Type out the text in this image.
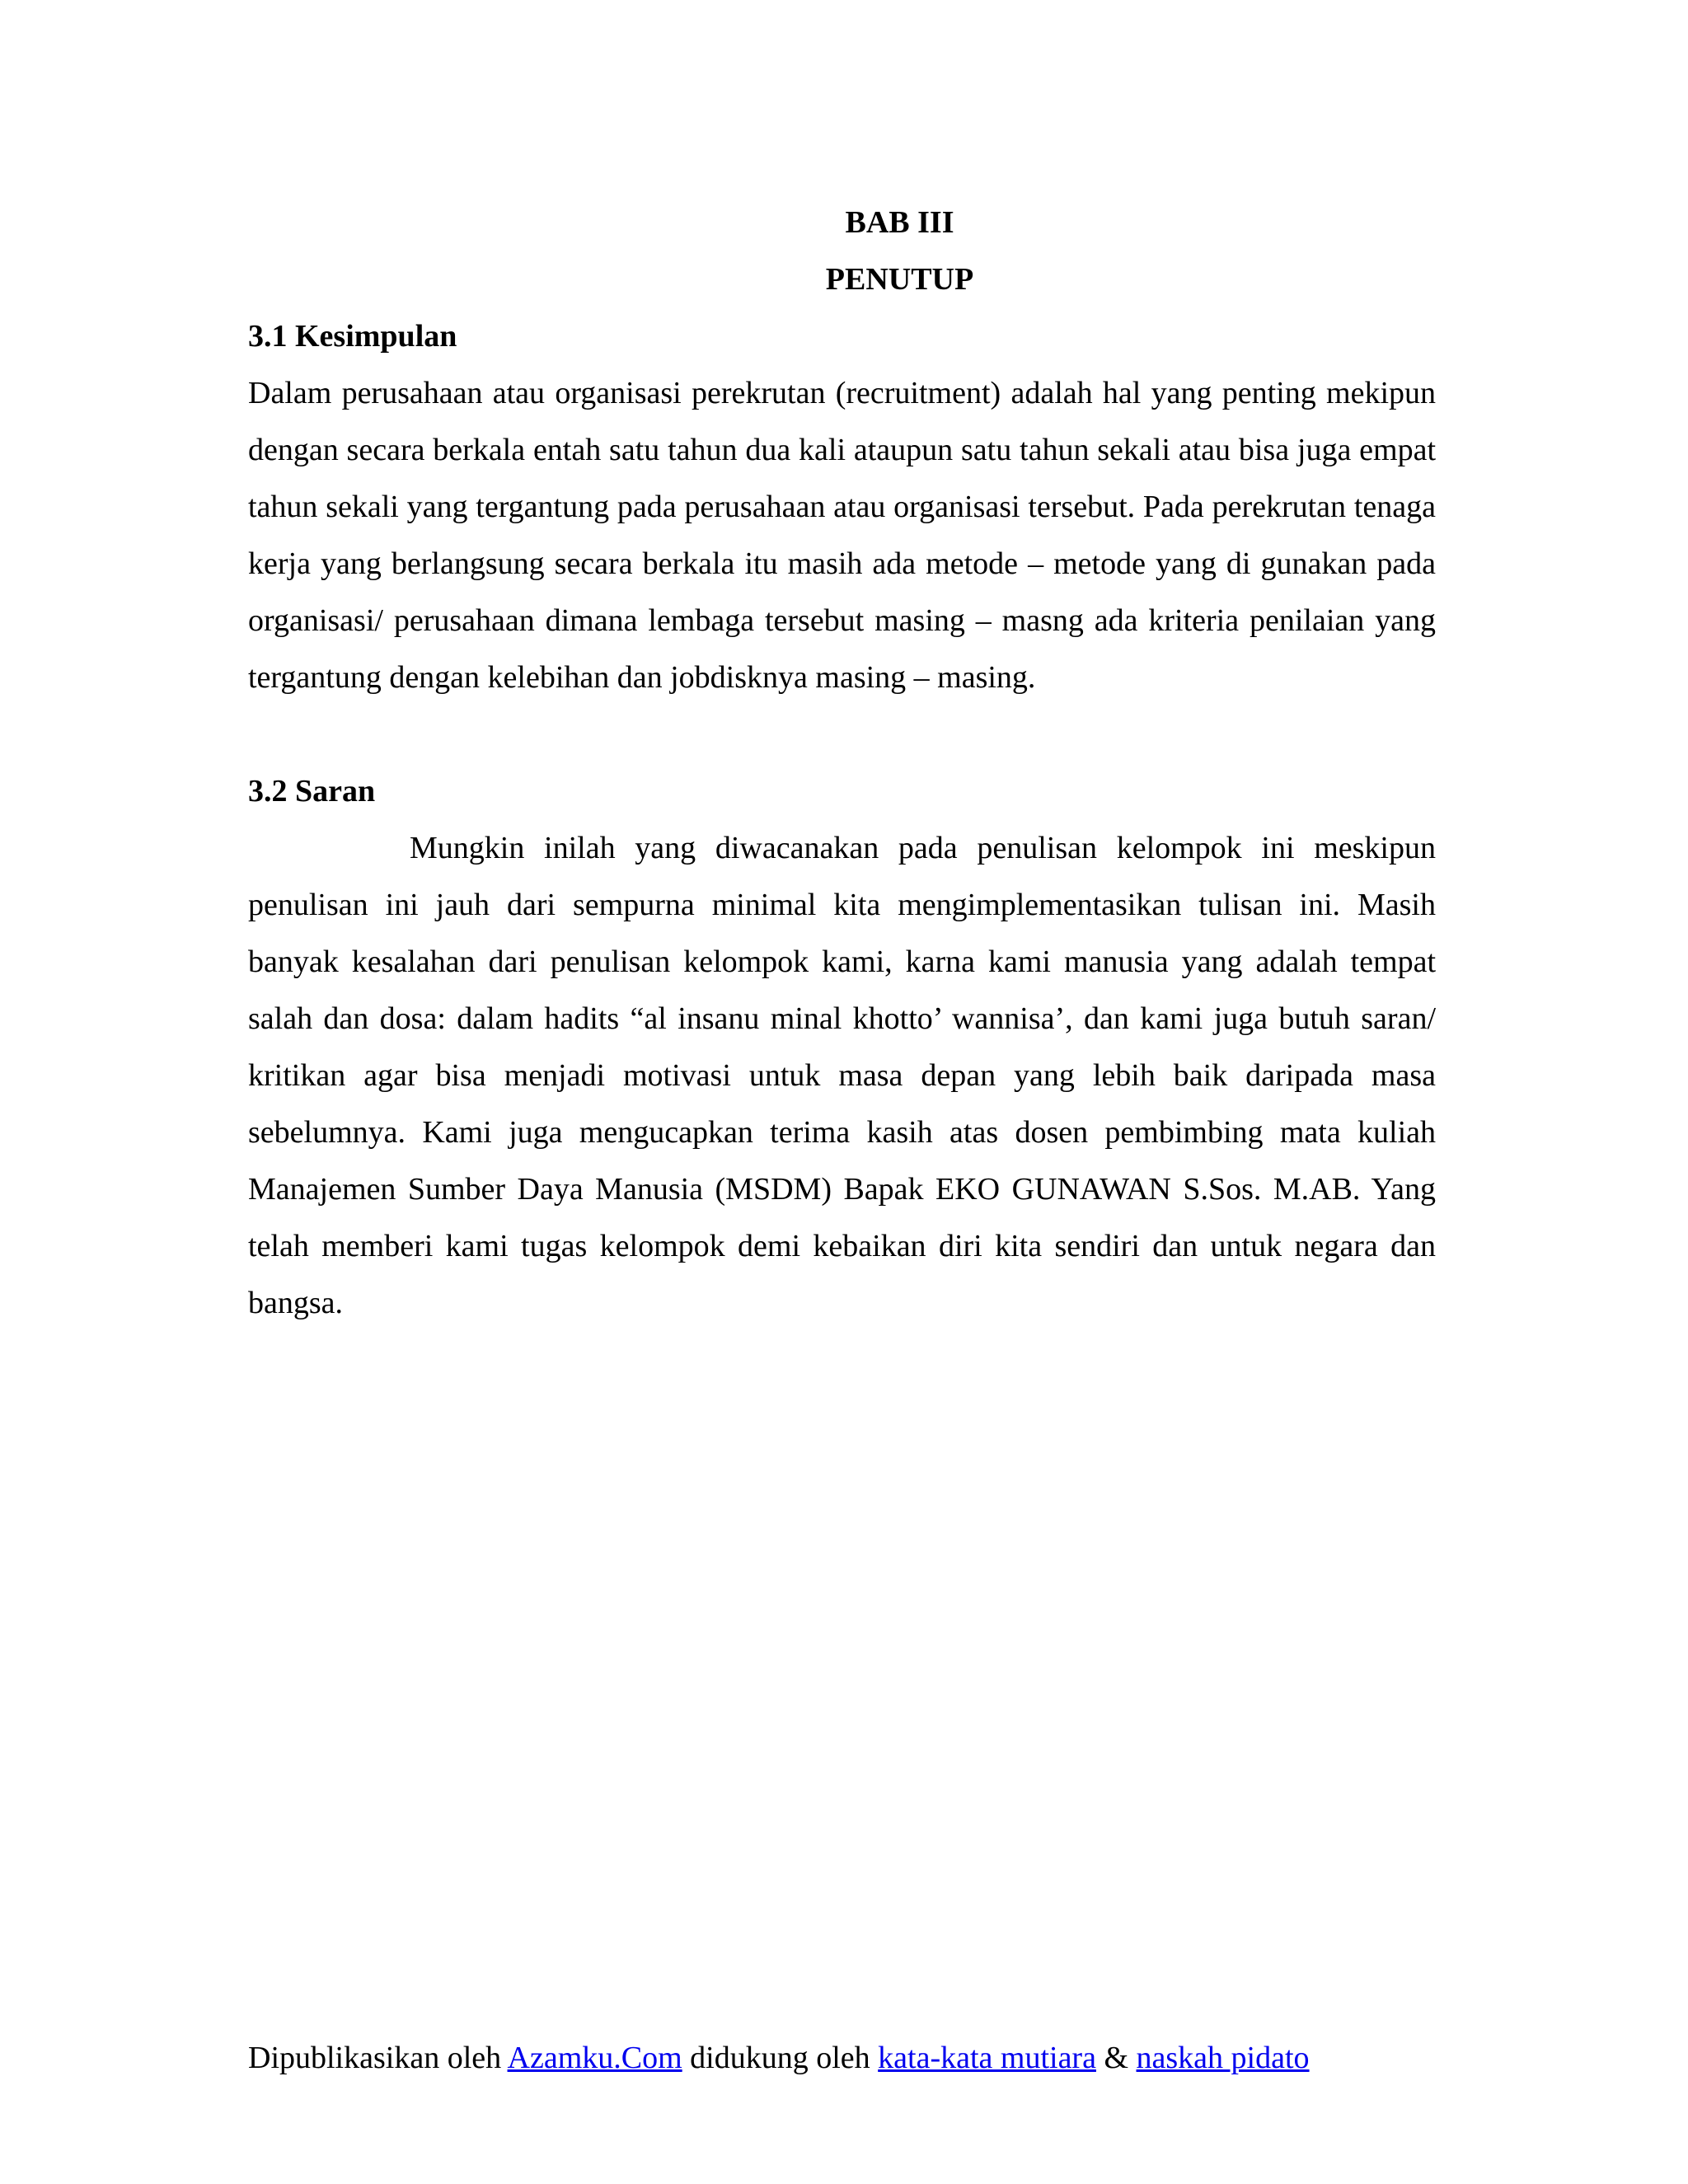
BAB III

PENUTUP

3.1 Kesimpulan

Dalam perusahaan atau organisasi perekrutan (recruitment) adalah hal yang penting mekipun dengan secara berkala entah satu tahun dua kali ataupun satu tahun sekali atau bisa juga empat tahun sekali yang tergantung pada perusahaan atau organisasi tersebut. Pada perekrutan tenaga kerja yang berlangsung secara berkala itu masih ada metode – metode yang di gunakan pada organisasi/ perusahaan dimana lembaga tersebut masing – masng ada kriteria penilaian yang tergantung dengan kelebihan dan jobdisknya masing – masing.

3.2 Saran

Mungkin inilah yang diwacanakan pada penulisan kelompok ini meskipun penulisan ini jauh dari sempurna minimal kita mengimplementasikan tulisan ini. Masih banyak kesalahan dari penulisan kelompok kami, karna kami manusia yang adalah tempat salah dan dosa: dalam hadits “al insanu minal khotto’ wannisa’, dan kami juga butuh saran/ kritikan agar bisa menjadi motivasi untuk masa depan yang lebih baik daripada masa sebelumnya. Kami juga mengucapkan terima kasih atas dosen pembimbing mata kuliah Manajemen Sumber Daya Manusia (MSDM) Bapak EKO GUNAWAN S.Sos. M.AB. Yang telah memberi kami tugas kelompok demi kebaikan diri kita sendiri dan untuk negara dan bangsa.

Dipublikasikan oleh Azamku.Com didukung oleh kata-kata mutiara & naskah pidato
